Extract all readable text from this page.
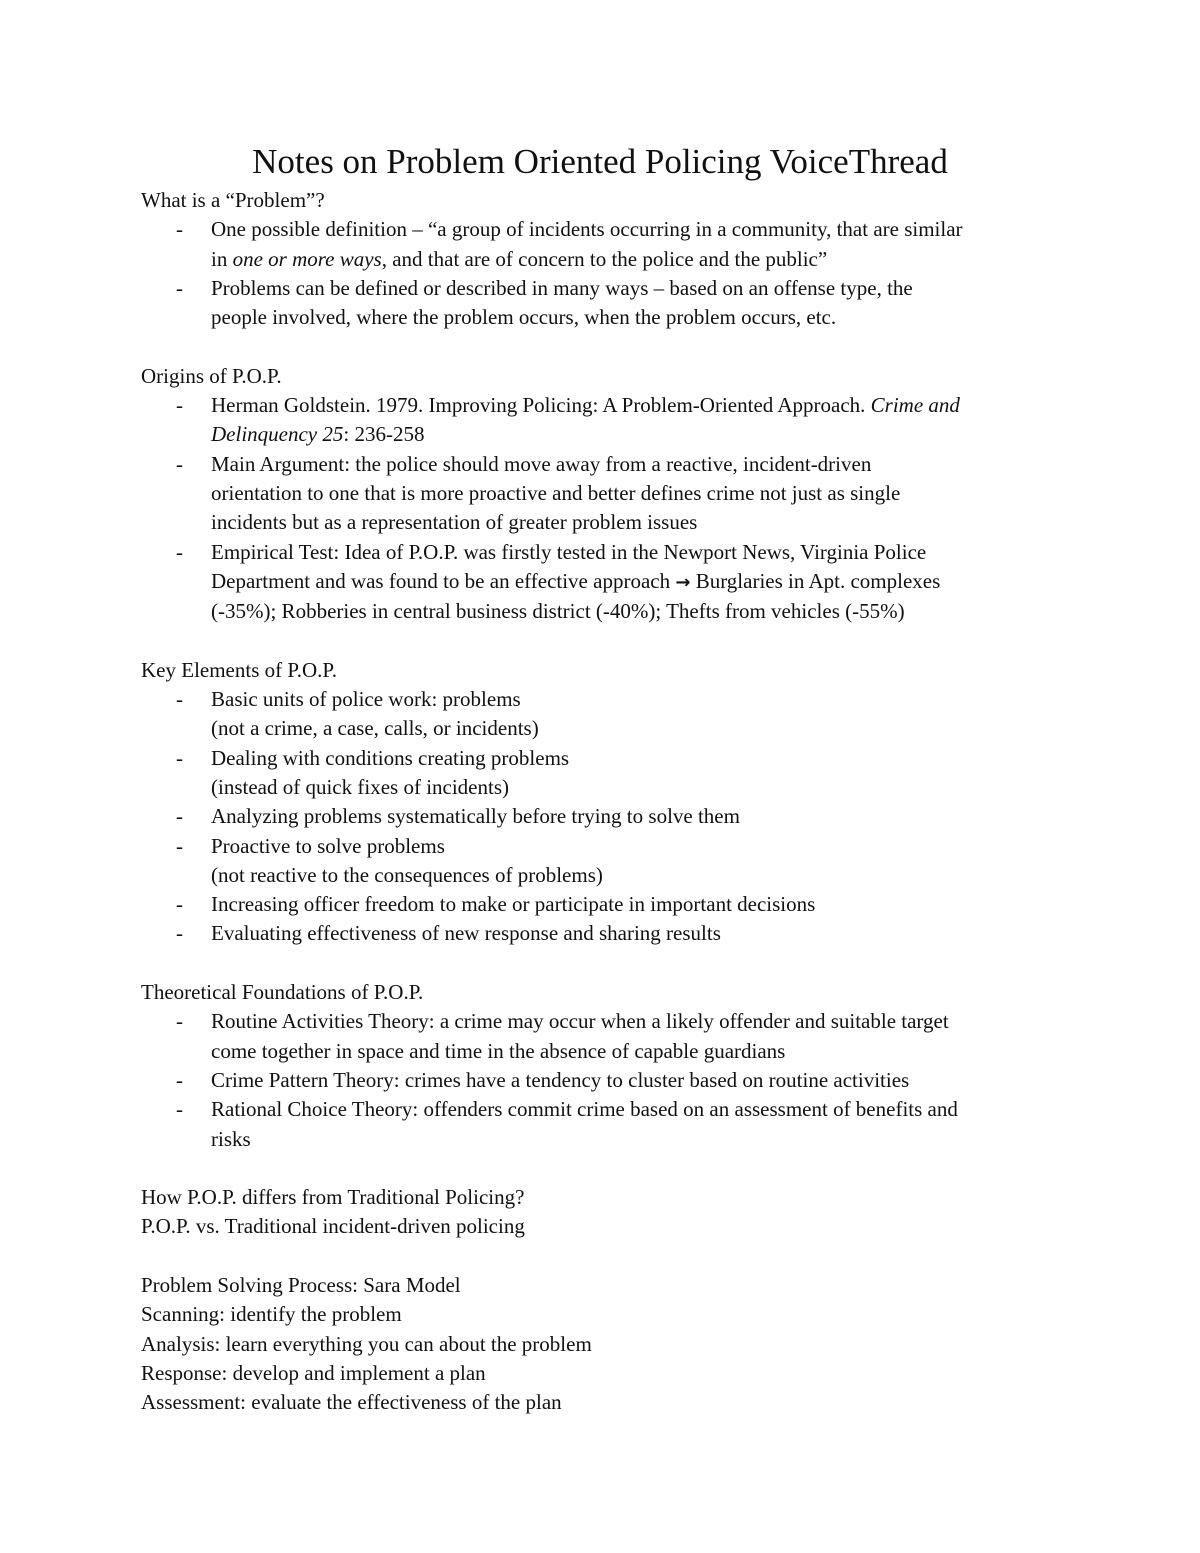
Notes on Problem Oriented Policing VoiceThread
What is a “Problem”?
- One possible definition – “a group of incidents occurring in a community, that are similar
in one or more ways, and that are of concern to the police and the public”
- Problems can be defined or described in many ways – based on an offense type, the
people involved, where the problem occurs, when the problem occurs, etc.
Origins of P.O.P.
- Herman Goldstein. 1979. Improving Policing: A Problem-Oriented Approach. Crime and
Delinquency 25: 236-258
- Main Argument: the police should move away from a reactive, incident-driven
orientation to one that is more proactive and better defines crime not just as single
incidents but as a representation of greater problem issues
- Empirical Test: Idea of P.O.P. was firstly tested in the Newport News, Virginia Police
Department and was found to be an effective approach → Burglaries in Apt. complexes
(-35%); Robberies in central business district (-40%); Thefts from vehicles (-55%)
Key Elements of P.O.P.
- Basic units of police work: problems
(not a crime, a case, calls, or incidents)
- Dealing with conditions creating problems
(instead of quick fixes of incidents)
- Analyzing problems systematically before trying to solve them
- Proactive to solve problems
(not reactive to the consequences of problems)
- Increasing officer freedom to make or participate in important decisions
- Evaluating effectiveness of new response and sharing results
Theoretical Foundations of P.O.P.
- Routine Activities Theory: a crime may occur when a likely offender and suitable target
come together in space and time in the absence of capable guardians
- Crime Pattern Theory: crimes have a tendency to cluster based on routine activities
- Rational Choice Theory: offenders commit crime based on an assessment of benefits and
risks
How P.O.P. differs from Traditional Policing?
P.O.P. vs. Traditional incident-driven policing
Problem Solving Process: Sara Model
Scanning: identify the problem
Analysis: learn everything you can about the problem
Response: develop and implement a plan
Assessment: evaluate the effectiveness of the plan
